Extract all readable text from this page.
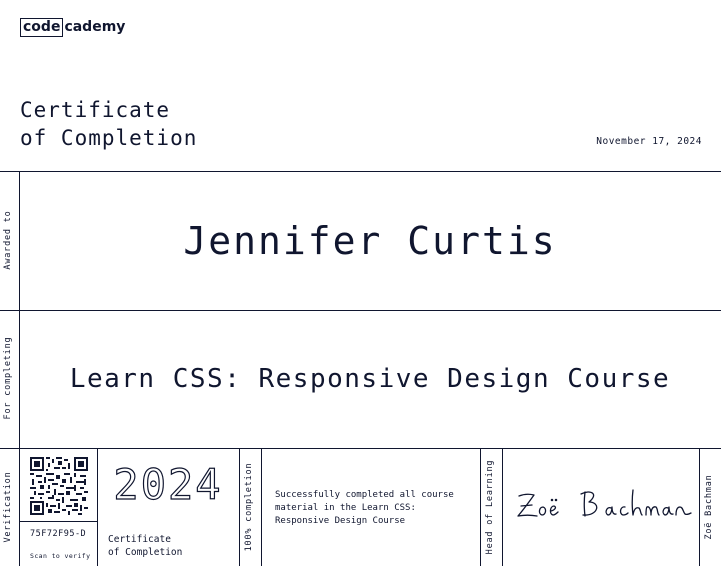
code cademy
Certificate
of Completion	November 17, 2024
Awarded to
For completing
Verification	100% completion	Head of Learning	Zoë Bachman
Jennifer Curtis
Learn CSS: Responsive Design Course
75F72F95-D
Scan to verify
2024
Certificate
of Completion
Successfully completed all course material in the Learn CSS: Responsive Design Course
